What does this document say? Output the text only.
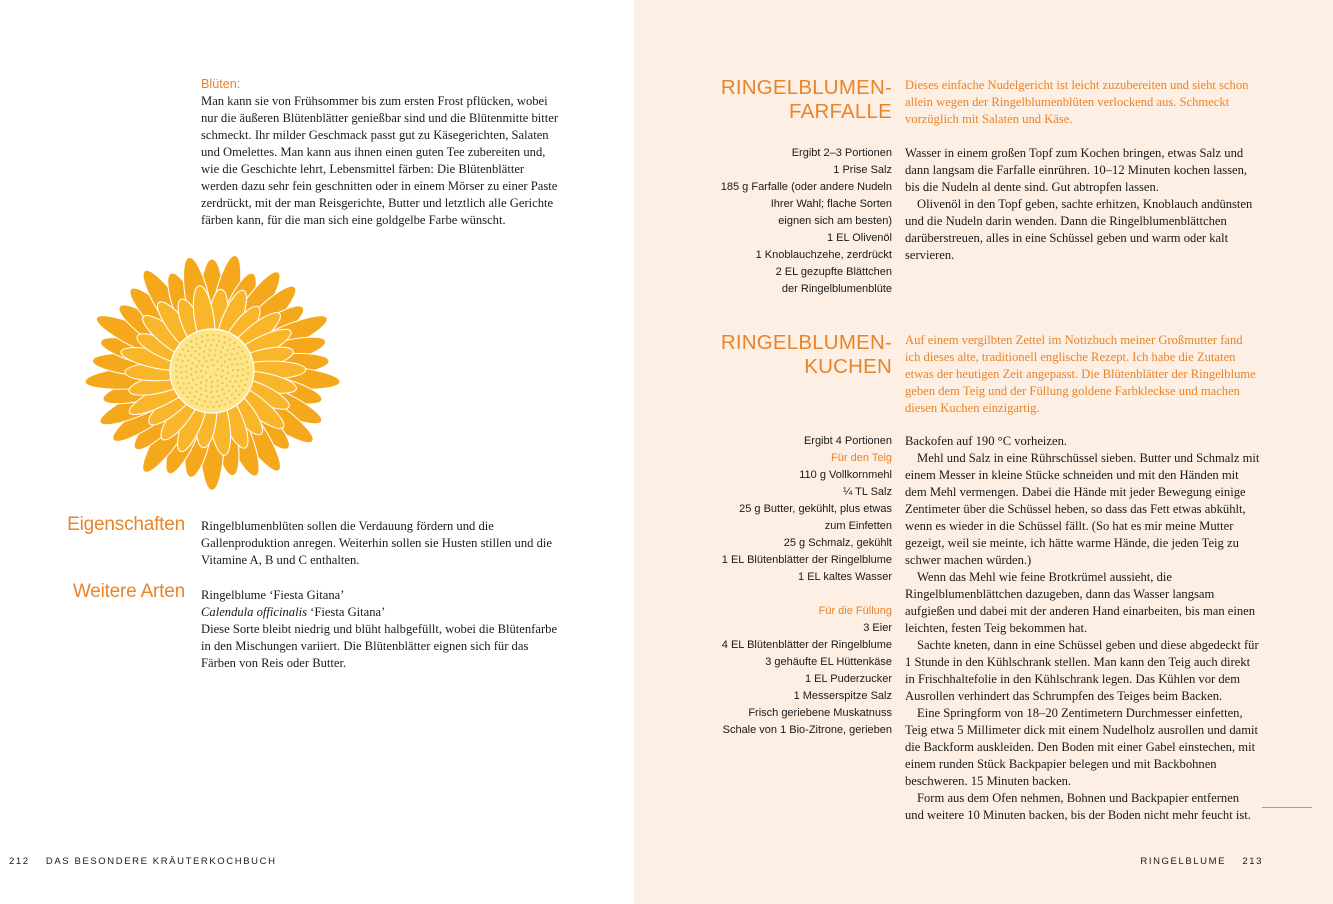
Blüten:

Man kann sie von Frühsommer bis zum ersten Frost pflücken, wobei nur die äußeren Blütenblätter genießbar sind und die Blütenmitte bitter schmeckt. Ihr milder Geschmack passt gut zu Käsegerichten, Salaten und Omelettes. Man kann aus ihnen einen guten Tee zubereiten und, wie die Geschichte lehrt, Lebensmittel färben: Die Blütenblätter werden dazu sehr fein geschnitten oder in einem Mörser zu einer Paste zerdrückt, mit der man Reisgerichte, Butter und letztlich alle Gerichte färben kann, für die man sich eine goldgelbe Farbe wünscht.

Eigenschaften Ringelblumenblüten sollen die Verdauung fördern und die Gallenproduktion anregen. Weiterhin sollen sie Husten stillen und die Vitamine A, B und C enthalten.

Weitere Arten Ringelblume ‘Fiesta Gitana’
Calendula officinalis ‘Fiesta Gitana’

Diese Sorte bleibt niedrig und blüht halbgefüllt, wobei die Blütenfarbe in den Mischungen variiert. Die Blütenblätter eignen sich für das Färben von Reis oder Butter.

212 DAS BESONDERE KRÄUTERKOCHBUCH
RINGELBLUMEN-
FARFALLE

Dieses einfache Nudelgericht ist leicht zuzubereiten und sieht schon allein wegen der Ringelblumenblüten verlockend aus. Schmeckt vorzüglich mit Salaten und Käse.

Ergibt 2–3 Portionen
1 Prise Salz
185 g Farfalle (oder andere Nudeln
Ihrer Wahl; flache Sorten
eignen sich am besten)
1 EL Olivenöl
1 Knoblauchzehe, zerdrückt
2 EL gezupfte Blättchen
der Ringelblumenblüte

Wasser in einem großen Topf zum Kochen bringen, etwas Salz und dann langsam die Farfalle einrühren. 10–12 Minuten kochen lassen, bis die Nudeln al dente sind. Gut abtropfen lassen.

Olivenöl in den Topf geben, sachte erhitzen, Knoblauch andünsten und die Nudeln darin wenden. Dann die Ringelblumenblättchen darüberstreuen, alles in eine Schüssel geben und warm oder kalt servieren.

RINGELBLUMEN-
KUCHEN

Auf einem vergilbten Zettel im Notizbuch meiner Großmutter fand ich dieses alte, traditionell englische Rezept. Ich habe die Zutaten etwas der heutigen Zeit angepasst. Die Blütenblätter der Ringelblume geben dem Teig und der Füllung goldene Farbkleckse und machen diesen Kuchen einzigartig.

Ergibt 4 Portionen
Für den Teig
110 g Vollkornmehl
¼ TL Salz
25 g Butter, gekühlt, plus etwas
zum Einfetten
25 g Schmalz, gekühlt
1 EL Blütenblätter der Ringelblume
1 EL kaltes Wasser
Für die Füllung
3 Eier
4 EL Blütenblätter der Ringelblume
3 gehäufte EL Hüttenkäse
1 EL Puderzucker
1 Messerspitze Salz
Frisch geriebene Muskatnuss
Schale von 1 Bio-Zitrone, gerieben

Backofen auf 190 °C vorheizen.

Mehl und Salz in eine Rührschüssel sieben. Butter und Schmalz mit einem Messer in kleine Stücke schneiden und mit den Händen mit dem Mehl vermengen. Dabei die Hände mit jeder Bewegung einige Zentimeter über die Schüssel heben, so dass das Fett etwas abkühlt, wenn es wieder in die Schüssel fällt. (So hat es mir meine Mutter gezeigt, weil sie meinte, ich hätte warme Hände, die jeden Teig zu schwer machen würden.)

Wenn das Mehl wie feine Brotkrümel aussieht, die Ringelblumenblättchen dazugeben, dann das Wasser langsam aufgießen und dabei mit der anderen Hand einarbeiten, bis man einen leichten, festen Teig bekommen hat.

Sachte kneten, dann in eine Schüssel geben und diese abgedeckt für 1 Stunde in den Kühlschrank stellen. Man kann den Teig auch direkt in Frischhaltefolie in den Kühlschrank legen. Das Kühlen vor dem Ausrollen verhindert das Schrumpfen des Teiges beim Backen.

Eine Springform von 18–20 Zentimetern Durchmesser einfetten, Teig etwa 5 Millimeter dick mit einem Nudelholz ausrollen und damit die Backform auskleiden. Den Boden mit einer Gabel einstechen, mit einem runden Stück Backpapier belegen und mit Backbohnen beschweren. 15 Minuten backen.

Form aus dem Ofen nehmen, Bohnen und Backpapier entfernen und weitere 10 Minuten backen, bis der Boden nicht mehr feucht ist.

RINGELBLUME 213
